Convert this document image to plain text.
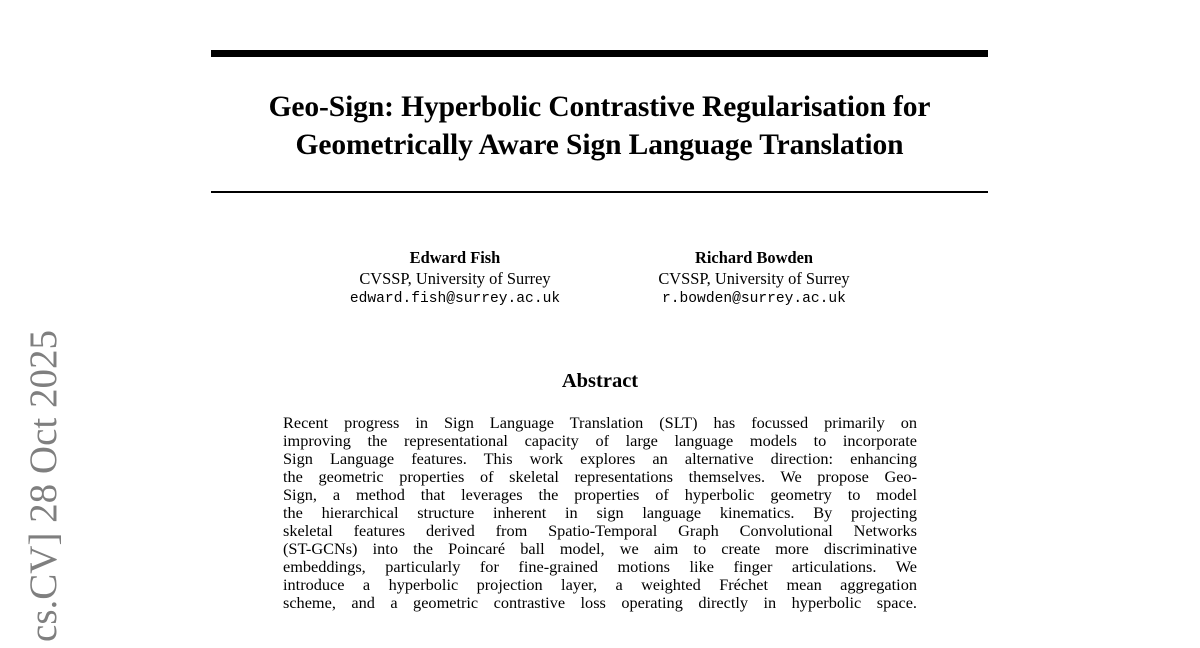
cs.CV] 28 Oct 2025
Geo-Sign: Hyperbolic Contrastive Regularisation for
Geometrically Aware Sign Language Translation
Edward Fish
CVSSP, University of Surrey
edward.fish@surrey.ac.uk
Richard Bowden
CVSSP, University of Surrey
r.bowden@surrey.ac.uk
Abstract
Recent progress in Sign Language Translation (SLT) has focussed primarily on
improving the representational capacity of large language models to incorporate
Sign Language features. This work explores an alternative direction: enhancing
the geometric properties of skeletal representations themselves. We propose Geo-
Sign, a method that leverages the properties of hyperbolic geometry to model
the hierarchical structure inherent in sign language kinematics. By projecting
skeletal features derived from Spatio-Temporal Graph Convolutional Networks
(ST-GCNs) into the Poincaré ball model, we aim to create more discriminative
embeddings, particularly for fine-grained motions like finger articulations. We
introduce a hyperbolic projection layer, a weighted Fréchet mean aggregation
scheme, and a geometric contrastive loss operating directly in hyperbolic space.
